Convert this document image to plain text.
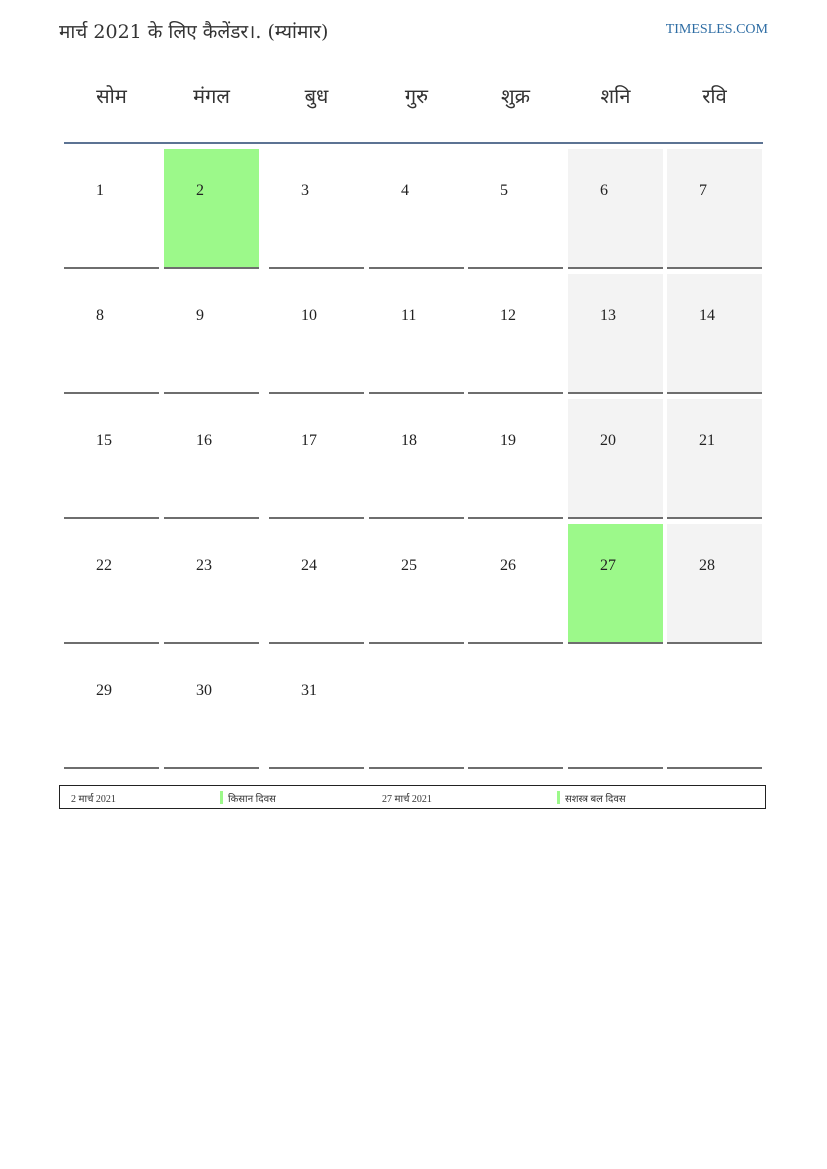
मार्च 2021 के लिए कैलेंडर।. (म्यांमार)	TIMESLES.COM
सोम	मंगल	बुध	गुरु	शुक्र	शनि	रवि
1	2	3	4	5	6	7
8	9	10	11	12	13	14
15	16	17	18	19	20	21
22	23	24	25	26	27	28
29	30	31
2 मार्च 2021	किसान दिवस	27 मार्च 2021	सशस्त्र बल दिवस
